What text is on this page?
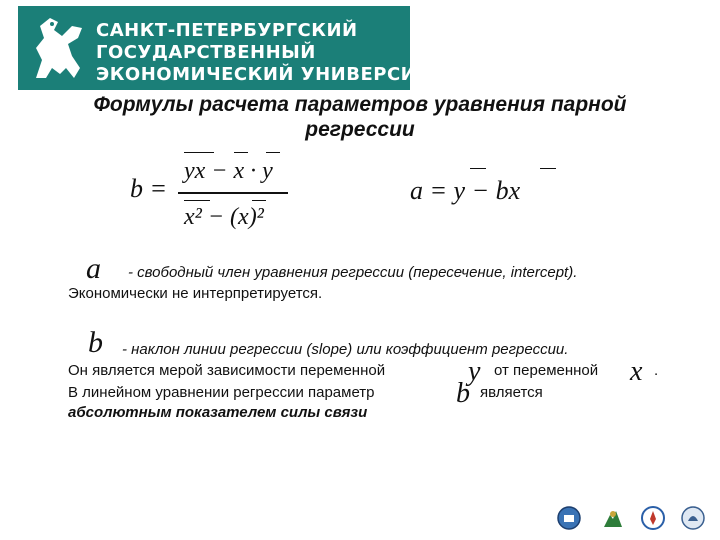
САНКТ-ПЕТЕРБУРГСКИЙ
ГОСУДАРСТВЕННЫЙ
ЭКОНОМИЧЕСКИЙ УНИВЕРСИТЕТ
Формулы расчета параметров уравнения парной
регрессии
b =
yx − x · y
x² − (x)²
a = y − bx
a - свободный член уравнения регрессии (пересечение, intercept).
Экономически не интерпретируется.
b - наклон линии регрессии (slope) или коэффициент регрессии.
Он является мерой зависимости переменной	y от переменной x .
В линейном уравнении регрессии параметр	b является
абсолютным показателем силы связи
